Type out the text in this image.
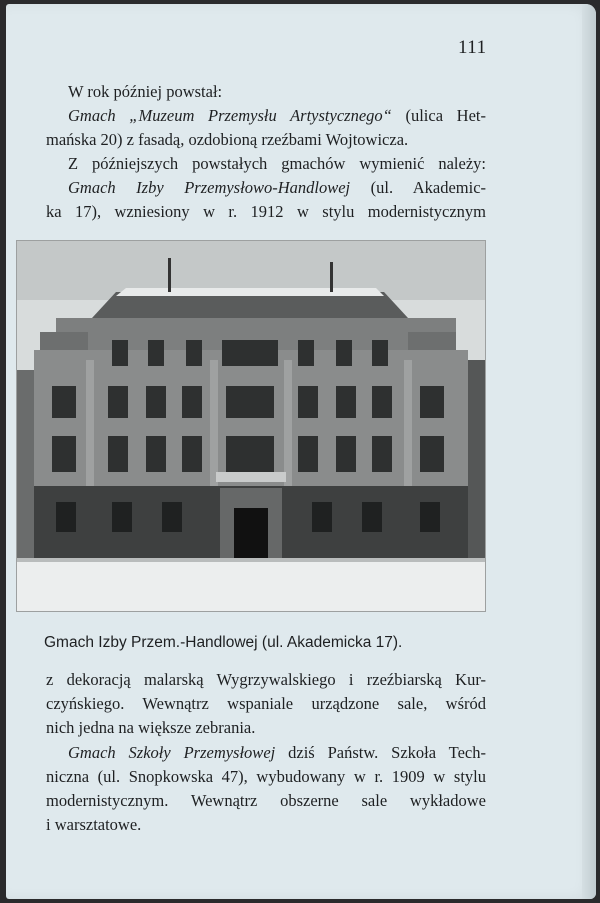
111

W rok później powstał:

Gmach „Muzeum Przemysłu Artystycznego“ (ulica Het-

mańska 20) z fasadą, ozdobioną rzeźbami Wojtowicza.

Z późniejszych powstałych gmachów wymienić należy:

Gmach Izby Przemysłowo-Handlowej (ul. Akademic-

ka 17), wzniesiony w r. 1912 w stylu modernistycznym

Gmach Izby Przem.-Handlowej (ul. Akademicka 17).

z dekoracją malarską Wygrzywalskiego i rzeźbiarską Kur-

czyńskiego. Wewnątrz wspaniale urządzone sale, wśród

nich jedna na większe zebrania.

Gmach Szkoły Przemysłowej dziś Państw. Szkoła Tech-

niczna (ul. Snopkowska 47), wybudowany w r. 1909 w stylu

modernistycznym. Wewnątrz obszerne sale wykładowe

i warsztatowe.
